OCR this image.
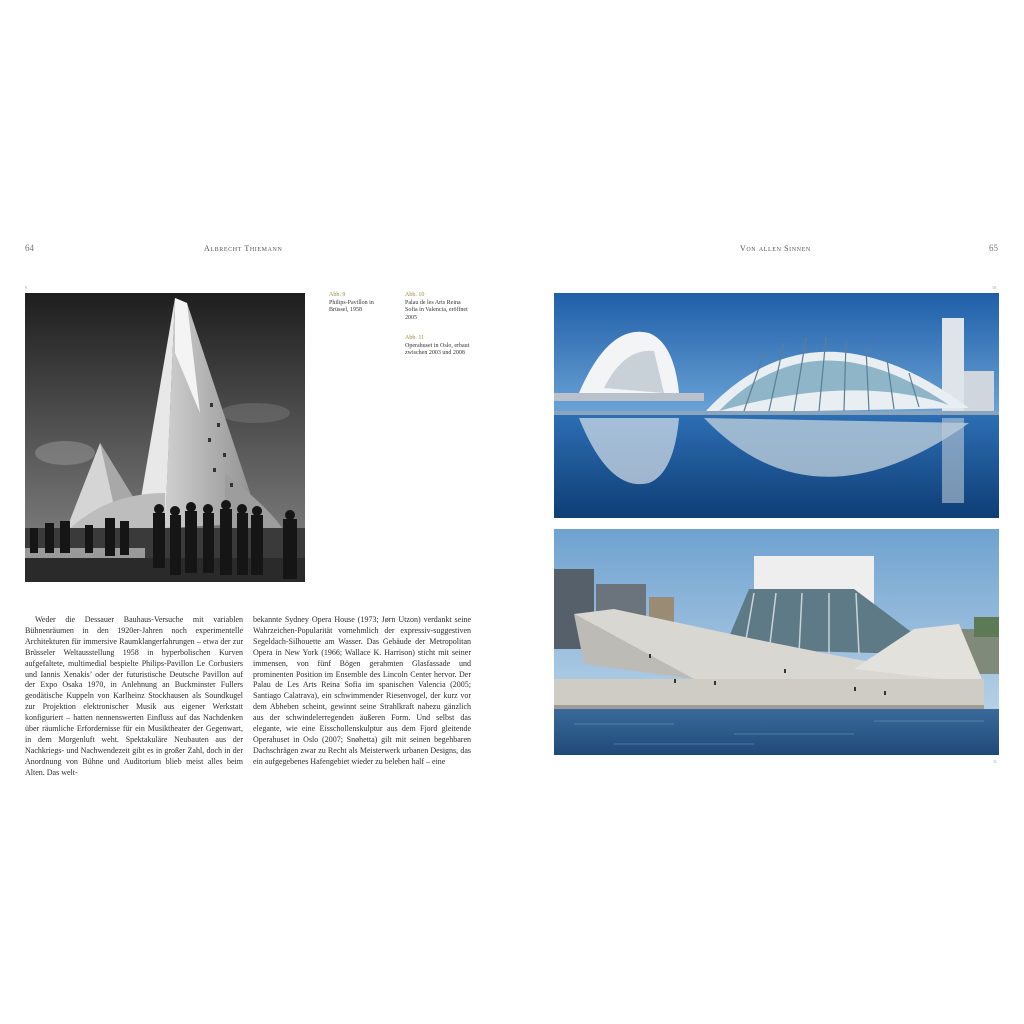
64	Albrecht Thiemann	Von allen Sinnen	65
9	10
11
Abb. 9
Philips-Pavillon in Brüssel, 1958
Abb. 10
Palau de les Arts Reina Sofia in Valencia, eröffnet 2005
Abb. 11
Operahuset in Oslo, erbaut zwischen 2003 und 2008

Weder die Dessauer Bauhaus-Versuche mit variablen Bühnenräumen in den 1920er-Jahren noch experimentelle Architekturen für immersive Raumklangerfahrungen – etwa der zur Brüsseler Weltausstellung 1958 in hyperbolischen Kurven aufgefaltete, multimedial bespielte Philips-Pavillon Le Corbusiers und Iannis Xenakis’ oder der futuristische Deutsche Pavillon auf der Expo Osaka 1970, in Anlehnung an Buckminster Fullers geodätische Kuppeln von Karlheinz Stockhausen als Soundkugel zur Projektion elektronischer Musik aus eigener Werkstatt konfiguriert – hatten nennenswerten Einfluss auf das Nachdenken über räumliche Erfordernisse für ein Musiktheater der Gegenwart, in dem Morgenluft weht. Spektakuläre Neubauten aus der Nachkriegs- und Nachwendezeit gibt es in großer Zahl, doch in der Anordnung von Bühne und Auditorium blieb meist alles beim Alten. Das welt-

bekannte Sydney Opera House (1973; Jørn Utzon) verdankt seine Wahrzeichen-Popularität vornehmlich der expressiv-suggestiven Segeldach-Silhouette am Wasser. Das Gebäude der Metropolitan Opera in New York (1966; Wallace K. Harrison) sticht mit seiner immensen, von fünf Bögen gerahmten Glasfassade und prominenten Position im Ensemble des Lincoln Center hervor. Der Palau de Les Arts Reina Sofia im spanischen Valencia (2005; Santiago Calatrava), ein schwimmender Riesenvogel, der kurz vor dem Abheben scheint, gewinnt seine Strahlkraft nahezu gänzlich aus der schwindelerregenden äußeren Form. Und selbst das elegante, wie eine Eisschollenskulptur aus dem Fjord gleitende Operahuset in Oslo (2007; Snøhetta) gilt mit seinen begehbaren Dachschrägen zwar zu Recht als Meisterwerk urbanen Designs, das ein aufgegebenes Hafengebiet wieder zu beleben half – eine
